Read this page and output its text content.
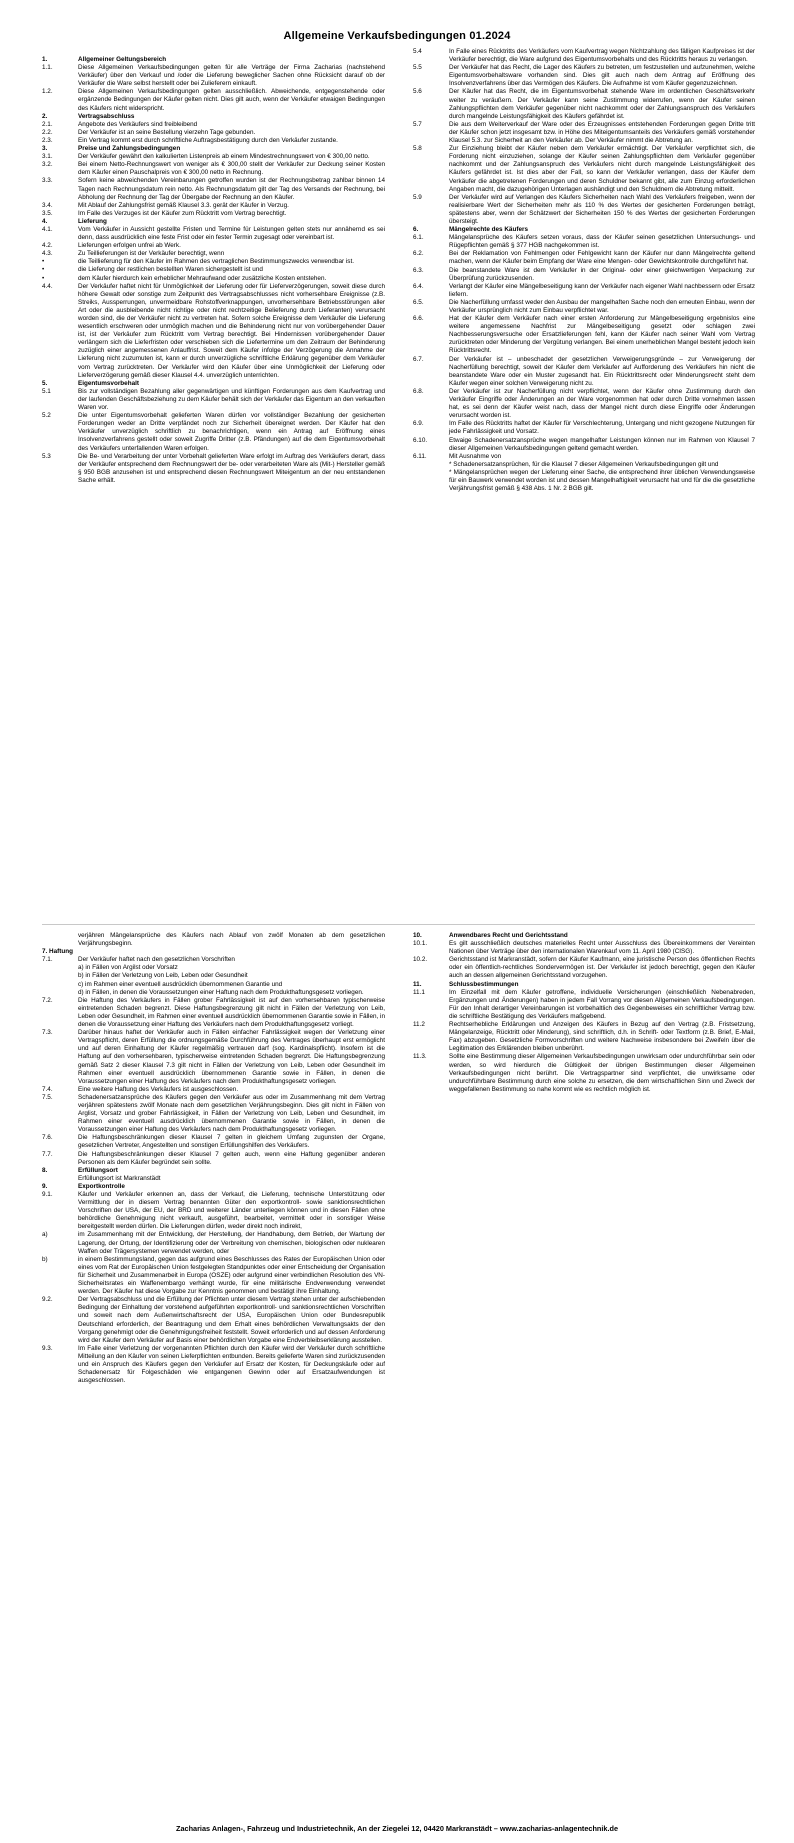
Allgemeine Verkaufsbedingungen 01.2024
1.	Allgemeiner Geltungsbereich
1.1.	Diese Allgemeinen Verkaufsbedingungen gelten für alle Verträge der Firma Zacharias (nachstehend Verkäufer) über den Verkauf und /oder die Lieferung beweglicher Sachen ohne Rücksicht darauf ob der Verkäufer die Ware selbst herstellt oder bei Zulieferern einkauft.
1.2.	Diese Allgemeinen Verkaufsbedingungen gelten ausschließlich. Abweichende, entgegenstehende oder ergänzende Bedingungen der Käufer gelten nicht. Dies gilt auch, wenn der Verkäufer etwaigen Bedingungen des Käufers nicht widerspricht.
2.	Vertragsabschluss
2.1.	Angebote des Verkäufers sind freibleibend
2.2.	Der Verkäufer ist an seine Bestellung vierzehn Tage gebunden.
2.3.	Ein Vertrag kommt erst durch schriftliche Auftragsbestätigung durch den Verkäufer zustande.
3.	Preise und Zahlungsbedingungen
3.1.	Der Verkäufer gewährt den kalkulierten Listenpreis ab einem Mindestrechnungswert von € 300,00 netto.
3.2.	Bei einem Netto-Rechnungswert von weniger als € 300,00 stellt der Verkäufer zur Deckung seiner Kosten dem Käufer einen Pauschalpreis von € 300,00 netto in Rechnung.
3.3.	Sofern keine abweichenden Vereinbarungen getroffen wurden ist der Rechnungsbetrag zahlbar binnen 14 Tagen nach Rechnungsdatum rein netto. Als Rechnungsdatum gilt der Tag des Versands der Rechnung, bei Abholung der Rechnung der Tag der Übergabe der Rechnung an den Käufer.
3.4.	Mit Ablauf der Zahlungsfrist gemäß Klausel 3.3. gerät der Käufer in Verzug.
3.5.	Im Falle des Verzuges ist der Käufer zum Rücktritt vom Vertrag berechtigt.
4.	Lieferung
4.1.	Vom Verkäufer in Aussicht gestellte Fristen und Termine für Leistungen gelten stets nur annähernd es sei denn, dass ausdrücklich eine feste Frist oder ein fester Termin zugesagt oder vereinbart ist.
4.2.	Lieferungen erfolgen unfrei ab Werk.
4.3.	Zu Teillieferungen ist der Verkäufer berechtigt, wenn
•	die Teillieferung für den Käufer im Rahmen des vertraglichen Bestimmungszwecks verwendbar ist.
•	die Lieferung der restlichen bestellten Waren sichergestellt ist und
•	dem Käufer hierdurch kein erheblicher Mehraufwand oder zusätzliche Kosten entstehen.
4.4.	Der Verkäufer haftet nicht für Unmöglichkeit der Lieferung oder für Lieferverzögerungen, soweit diese durch höhere Gewalt oder sonstige zum Zeitpunkt des Vertragsabschlusses nicht vorhersehbare Ereignisse (z.B. Streiks, Aussperrungen, unvermeidbare Rohstoffverknappungen, unvorhersehbare Betriebsstörungen aller Art oder die ausbleibende nicht richtige oder nicht rechtzeitige Belieferung durch Lieferanten) verursacht worden sind, die der Verkäufer nicht zu vertreten hat. Sofern solche Ereignisse dem Verkäufer die Lieferung wesentlich erschweren oder unmöglich machen und die Behinderung nicht nur von vorübergehender Dauer ist, ist der Verkäufer zum Rücktritt vom Vertrag berechtigt. Bei Hindernissen vorübergehender Dauer verlängern sich die Lieferfristen oder verschieben sich die Liefertermine um den Zeitraum der Behinderung zuzüglich einer angemessenen Anlauffrist. Soweit dem Käufer infolge der Verzögerung die Annahme der Lieferung nicht zuzumuten ist, kann er durch unverzügliche schriftliche Erklärung gegenüber dem Verkäufer vom Vertrag zurücktreten. Der Verkäufer wird den Käufer über eine Unmöglichkeit der Lieferung oder Lieferverzögerung gemäß dieser Klausel 4.4. unverzüglich unterrichten.
5.	Eigentumsvorbehalt
5.1	Bis zur vollständigen Bezahlung aller gegenwärtigen und künftigen Forderungen aus dem Kaufvertrag und der laufenden Geschäftsbeziehung zu dem Käufer behält sich der Verkäufer das Eigentum an den verkauften Waren vor.
5.2	Die unter Eigentumsvorbehalt gelieferten Waren dürfen vor vollständiger Bezahlung der gesicherten Forderungen weder an Dritte verpfändet noch zur Sicherheit übereignet werden. Der Käufer hat den Verkäufer unverzüglich schriftlich zu benachrichtigen, wenn ein Antrag auf Eröffnung eines Insolvenzverfahrens gestellt oder soweit Zugriffe Dritter (z.B. Pfändungen) auf die dem Eigentumsvorbehalt des Verkäufers unterfallenden Waren erfolgen.
5.3	Die Be- und Verarbeitung der unter Vorbehalt gelieferten Ware erfolgt im Auftrag des Verkäufers derart, dass der Verkäufer entsprechend dem Rechnungswert der be- oder verarbeiteten Ware als (Mit-) Hersteller gemäß § 950 BGB anzusehen ist und entsprechend diesen Rechnungswert Miteigentum an der neu entstandenen Sache erhält.
5.4	In Falle eines Rücktritts des Verkäufers vom Kaufvertrag wegen Nichtzahlung des fälligen Kaufpreises ist der Verkäufer berechtigt, die Ware aufgrund des Eigentumsvorbehalts und des Rücktritts heraus zu verlangen.
5.5	Der Verkäufer hat das Recht, die Lager des Käufers zu betreten, um festzustellen und aufzunehmen, welche Eigentumsvorbehaltsware vorhanden sind. Dies gilt auch nach dem Antrag auf Eröffnung des Insolvenzverfahrens über das Vermögen des Käufers. Die Aufnahme ist vom Käufer gegenzuzeichnen.
5.6	Der Käufer hat das Recht, die im Eigentumsvorbehalt stehende Ware im ordentlichen Geschäftsverkehr weiter zu veräußern. Der Verkäufer kann seine Zustimmung widerrufen, wenn der Käufer seinen Zahlungspflichten dem Verkäufer gegenüber nicht nachkommt oder der Zahlungsanspruch des Verkäufers durch mangelnde Leistungsfähigkeit des Käufers gefährdet ist.
5.7	Die aus dem Weiterverkauf der Ware oder des Erzeugnisses entstehenden Forderungen gegen Dritte tritt der Käufer schon jetzt insgesamt bzw. in Höhe des Miteigentumsanteils des Verkäufers gemäß vorstehender Klausel 5.3. zur Sicherheit an den Verkäufer ab. Der Verkäufer nimmt die Abtretung an.
5.8	Zur Einziehung bleibt der Käufer neben dem Verkäufer ermächtigt. Der Verkäufer verpflichtet sich, die Forderung nicht einzuziehen, solange der Käufer seinen Zahlungspflichten dem Verkäufer gegenüber nachkommt und der Zahlungsanspruch des Verkäufers nicht durch mangelnde Leistungsfähigkeit des Käufers gefährdet ist. Ist dies aber der Fall, so kann der Verkäufer verlangen, dass der Käufer dem Verkäufer die abgetretenen Forderungen und deren Schuldner bekannt gibt, alle zum Einzug erforderlichen Angaben macht, die dazugehörigen Unterlagen aushändigt und den Schuldnern die Abtretung mitteilt.
5.9	Der Verkäufer wird auf Verlangen des Käufers Sicherheiten nach Wahl des Verkäufers freigeben, wenn der realisierbare Wert der Sicherheiten mehr als 110 % des Wertes der gesicherten Forderungen beträgt, spätestens aber, wenn der Schätzwert der Sicherheiten 150 % des Wertes der gesicherten Forderungen übersteigt.
6.	Mängelrechte des Käufers
6.1.	Mängelansprüche des Käufers setzen voraus, dass der Käufer seinen gesetzlichen Untersuchungs- und Rügepflichten gemäß § 377 HGB nachgekommen ist.
6.2.	Bei der Reklamation von Fehlmengen oder Fehlgewicht kann der Käufer nur dann Mängelrechte geltend machen, wenn der Käufer beim Empfang der Ware eine Mengen- oder Gewichtskontrolle durchgeführt hat.
6.3.	Die beanstandete Ware ist dem Verkäufer in der Original- oder einer gleichwertigen Verpackung zur Überprüfung zurückzusenden.
6.4.	Verlangt der Käufer eine Mängelbeseitigung kann der Verkäufer nach eigener Wahl nachbessern oder Ersatz liefern.
6.5.	Die Nacherfüllung umfasst weder den Ausbau der mangelhaften Sache noch den erneuten Einbau, wenn der Verkäufer ursprünglich nicht zum Einbau verpflichtet war.
6.6.	Hat der Käufer dem Verkäufer nach einer ersten Anforderung zur Mängelbeseitigung ergebnislos eine weitere angemessene Nachfrist zur Mängelbeseitigung gesetzt oder schlagen zwei Nachbesserungsversuche oder Ersatzlieferungen fehl, kann der Käufer nach seiner Wahl vom Vertrag zurücktreten oder Minderung der Vergütung verlangen. Bei einem unerheblichen Mangel besteht jedoch kein Rücktrittsrecht.
6.7.	Der Verkäufer ist – unbeschadet der gesetzlichen Verweigerungsgründe – zur Verweigerung der Nacherfüllung berechtigt, soweit der Käufer dem Verkäufer auf Aufforderung des Verkäufers hin nicht die beanstandete Ware oder ein Muster zugesandt hat. Ein Rücktrittsrecht oder Minderungsrecht steht dem Käufer wegen einer solchen Verweigerung nicht zu.
6.8.	Der Verkäufer ist zur Nacherfüllung nicht verpflichtet, wenn der Käufer ohne Zustimmung durch den Verkäufer Eingriffe oder Änderungen an der Ware vorgenommen hat oder durch Dritte vornehmen lassen hat, es sei denn der Käufer weist nach, dass der Mangel nicht durch diese Eingriffe oder Änderungen verursacht worden ist.
6.9.	Im Falle des Rücktritts haftet der Käufer für Verschlechterung, Untergang und nicht gezogene Nutzungen für jede Fahrlässigkeit und Vorsatz.
6.10.	Etwaige Schadenersatzansprüche wegen mangelhafter Leistungen können nur im Rahmen von Klausel 7 dieser Allgemeinen Verkaufsbedingungen geltend gemacht werden.
6.11.	Mit Ausnahme von
* Schadenersatzansprüchen, für die Klausel 7 dieser Allgemeinen Verkaufsbedingungen gilt und
* Mängelansprüchen wegen der Lieferung einer Sache, die entsprechend ihrer üblichen Verwendungsweise für ein Bauwerk verwendet worden ist und dessen Mangelhaftigkeit verursacht hat und für die die gesetzliche Verjährungsfrist gemäß § 438 Abs. 1 Nr. 2 BGB gilt.
verjähren Mängelansprüche des Käufers nach Ablauf von zwölf Monaten ab dem gesetzlichen Verjährungsbeginn.
7. Haftung
7.1.	Der Verkäufer haftet nach den gesetzlichen Vorschriften
a) in Fällen von Argilst oder Vorsatz
b) in Fällen der Verletzung von Leib, Leben oder Gesundheit
c) im Rahmen einer eventuell ausdrücklich übernommenen Garantie und
d) in Fällen, in denen die Voraussetzungen einer Haftung nach dem Produkthaftungsgesetz vorliegen.
7.2.	Die Haftung des Verkäufers in Fällen grober Fahrlässigkeit ist auf den vorhersehbaren typischerweise eintretenden Schaden begrenzt. Diese Haftungsbegrenzung gilt nicht in Fällen der Verletzung von Leib, Leben oder Gesundheit, im Rahmen einer eventuell ausdrücklich übernommenen Garantie sowie in Fällen, in denen die Voraussetzung einer Haftung des Verkäufers nach dem Produkthaftungsgesetz vorliegt.
7.3.	Darüber hinaus haftet der Verkäufer auch in Fällen einfacher Fahrlässigkeit wegen der Verletzung einer Vertragspflicht, deren Erfüllung die ordnungsgemäße Durchführung des Vertrages überhaupt erst ermöglicht und auf deren Einhaltung der Käufer regelmäßig vertrauen darf (sog. Kardinalspflicht). Insofern ist die Haftung auf den vorhersehbaren, typischerweise eintretenden Schaden begrenzt. Die Haftungsbegrenzung gemäß Satz 2 dieser Klausel 7.3 gilt nicht in Fällen der Verletzung von Leib, Leben oder Gesundheit im Rahmen einer eventuell ausdrücklich übernommenen Garantie sowie in Fällen, in denen die Voraussetzungen einer Haftung des Verkäufers nach dem Produkthaftungsgesetz vorliegen.
7.4.	Eine weitere Haftung des Verkäufers ist ausgeschlossen.
7.5.	Schadenersatzansprüche des Käufers gegen den Verkäufer aus oder im Zusammenhang mit dem Vertrag verjähren spätestens zwölf Monate nach dem gesetzlichen Verjährungsbeginn. Dies gilt nicht in Fällen von Arglist, Vorsatz und grober Fahrlässigkeit, in Fällen der Verletzung von Leib, Leben und Gesundheit, im Rahmen einer eventuell ausdrücklich übernommenen Garantie sowie in Fällen, in denen die Voraussetzungen einer Haftung des Verkäufers nach dem Produkthaftungsgesetz vorliegen.
7.6.	Die Haftungsbeschränkungen dieser Klausel 7 gelten in gleichem Umfang zugunsten der Organe, gesetzlichen Vertreter, Angestellten und sonstigen Erfüllungshilfen des Verkäufers.
7.7.	Die Haftungsbeschränkungen dieser Klausel 7 gelten auch, wenn eine Haftung gegenüber anderen Personen als dem Käufer begründet sein sollte.
8.	Erfüllungsort
Erfüllungsort ist Markranstädt
9.	Exportkontrolle
9.1.	Käufer und Verkäufer erkennen an, dass der Verkauf, die Lieferung, technische Unterstützung oder Vermittlung der in diesem Vertrag benannten Güter den exportkontroll- sowie sanktionsrechtlichen Vorschriften der USA, der EU, der BRD und weiterer Länder unterliegen können und in diesen Fällen ohne behördliche Genehmigung nicht verkauft, ausgeführt, bearbeitet, vermittelt oder in sonstiger Weise bereitgestellt werden dürfen. Die Lieferungen dürfen, weder direkt noch indirekt,
a)	im Zusammenhang mit der Entwicklung, der Herstellung, der Handhabung, dem Betrieb, der Wartung der Lagerung, der Ortung, der Identifizierung oder der Verbreitung von chemischen, biologischen oder nuklearen Waffen oder Trägersystemen verwendet werden, oder
b)	in einem Bestimmungsland, gegen das aufgrund eines Beschlusses des Rates der Europäischen Union oder eines vom Rat der Europäischen Union festgelegten Standpunktes oder einer Entscheidung der Organisation für Sicherheit und Zusammenarbeit in Europa (OSZE) oder aufgrund einer verbindlichen Resolution des VN-Sicherheitsrates ein Waffenembargo verhängt wurde, für eine militärische Endverwendung verwendet werden. Der Käufer hat diese Vorgabe zur Kenntnis genommen und bestätigt ihre Einhaltung.
9.2.	Der Vertragsabschluss und die Erfüllung der Pflichten unter diesem Vertrag stehen unter der aufschiebenden Bedingung der Einhaltung der vorstehend aufgeführten exportkontroll- und sanktionsrechtlichen Vorschriften und soweit nach dem Außenwirtschaftsrecht der USA, Europäischen Union oder Bundesrepublik Deutschland erforderlich, der Beantragung und dem Erhalt eines behördlichen Verwaltungsakts der den Vorgang genehmigt oder die Genehmigungsfreiheit feststellt. Soweit erforderlich und auf dessen Anforderung wird der Käufer dem Verkäufer auf Basis einer behördlichen Vorgabe eine Endverbleibserklärung ausstellen.
9.3.	Im Falle einer Verletzung der vorgenannten Pflichten durch den Käufer wird der Verkäufer durch schriftliche Mitteilung an den Käufer von seinen Lieferpflichten entbunden. Bereits gelieferte Waren sind zurückzusenden und ein Anspruch des Käufers gegen den Verkäufer auf Ersatz der Kosten, für Deckungskäufe oder auf Schadenersatz für Folgeschäden wie entgangenen Gewinn oder auf Ersatzaufwendungen ist ausgeschlossen.
10.	Anwendbares Recht und Gerichtsstand
10.1.	Es gilt ausschließlich deutsches materielles Recht unter Ausschluss des Übereinkommens der Vereinten Nationen über Verträge über den internationalen Warenkauf vom 11. April 1980 (CISG).
10.2.	Gerichtsstand ist Markranstädt, sofern der Käufer Kaufmann, eine juristische Person des öffentlichen Rechts oder ein öffentlich-rechtliches Sondervermögen ist. Der Verkäufer ist jedoch berechtigt, gegen den Käufer auch an dessen allgemeinen Gerichtsstand vorzugehen.
11.	Schlussbestimmungen
11.1	Im Einzelfall mit dem Käufer getroffene, individuelle Versicherungen (einschließlich Nebenabreden, Ergänzungen und Änderungen) haben in jedem Fall Vorrang vor diesen Allgemeinen Verkaufsbedingungen. Für den Inhalt derartiger Vereinbarungen ist vorbehaltlich des Gegenbeweises ein schriftlicher Vertrag bzw. die schriftliche Bestätigung des Verkäufers maßgebend.
11.2	Rechtserhebliche Erklärungen und Anzeigen des Käufers in Bezug auf den Vertrag (z.B. Fristsetzung, Mängelanzeige, Rücktritt oder Minderung), sind schriftlich, d.h. in Schrift- oder Textform (z.B. Brief, E-Mail, Fax) abzugeben. Gesetzliche Formvorschriften und weitere Nachweise insbesondere bei Zweifeln über die Legitimation des Erklärenden bleiben unberührt.
11.3.	Sollte eine Bestimmung dieser Allgemeinen Verkaufsbedingungen unwirksam oder undurchführbar sein oder werden, so wird hierdurch die Gültigkeit der übrigen Bestimmungen dieser Allgemeinen Verkaufsbedingungen nicht berührt. Die Vertragspartner sind verpflichtet, die unwirksame oder undurchführbare Bestimmung durch eine solche zu ersetzen, die dem wirtschaftlichen Sinn und Zweck der weggefallenen Bestimmung so nahe kommt wie es rechtlich möglich ist.
Zacharias Anlagen-, Fahrzeug und Industrietechnik, An der Ziegelei 12, 04420 Markranstädt – www.zacharias-anlagentechnik.de
